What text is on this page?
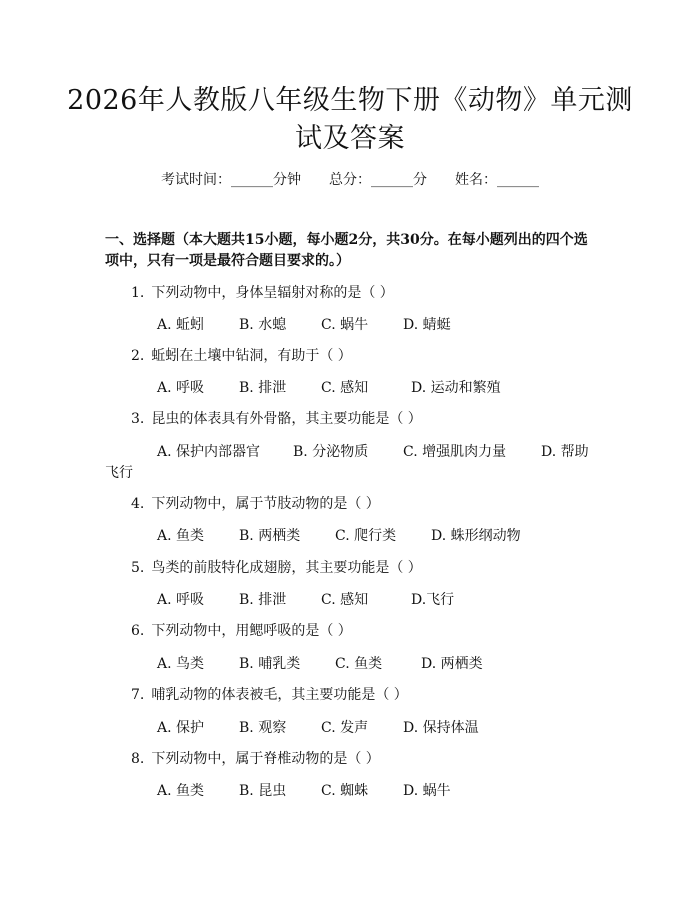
2026年人教版八年级生物下册《动物》单元测试及答案
考试时间：______分钟 总分：______分 姓名：______
一、选择题（本大题共15小题，每小题2分，共30分。在每小题列出的四个选项中，只有一项是最符合题目要求的。）
1. 下列动物中，身体呈辐射对称的是（ ）
A. 蚯蚓 B. 水螅 C. 蜗牛 D. 蜻蜓
2. 蚯蚓在土壤中钻洞，有助于（ ）
A. 呼吸 B. 排泄 C. 感知	D. 运动和繁殖
3. 昆虫的体表具有外骨骼，其主要功能是（ ）
A. 保护内部器官 B. 分泌物质 C. 增强肌肉力量 D. 帮助
飞行
4. 下列动物中，属于节肢动物的是（ ）
A. 鱼类 B. 两栖类 C. 爬行类 D. 蛛形纲动物
5. 鸟类的前肢特化成翅膀，其主要功能是（ ）
A. 呼吸 B. 排泄 C. 感知	D.飞行
6. 下列动物中，用鳃呼吸的是（ ）
A. 鸟类 B. 哺乳类 C. 鱼类	D. 两栖类
7. 哺乳动物的体表被毛，其主要功能是（ ）
A. 保护 B. 观察 C. 发声 D. 保持体温
8. 下列动物中，属于脊椎动物的是（ ）
A. 鱼类 B. 昆虫 C. 蜘蛛 D. 蜗牛
